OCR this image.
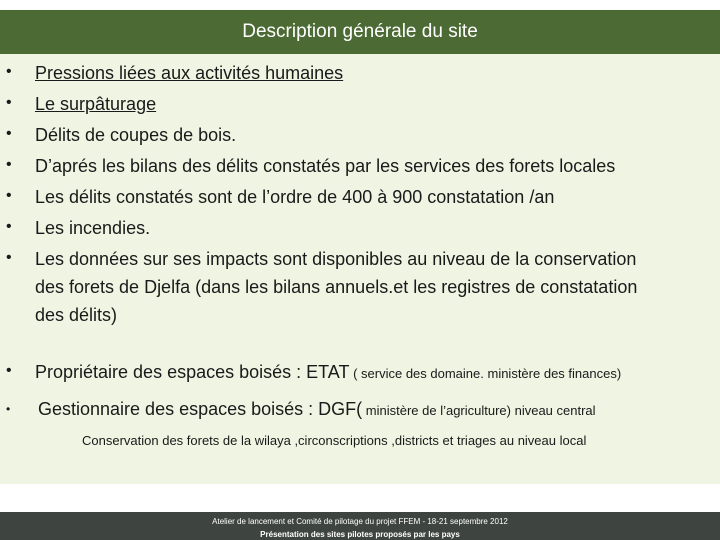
Description générale du site
• Pressions liées aux activités humaines
• Le surpâturage
• Délits de coupes de bois.
• D’aprés les bilans des délits constatés par les services des forets locales
• Les délits constatés sont de l’ordre de 400 à 900 constatation /an
• Les incendies.
• Les données sur ses impacts sont disponibles au niveau de la conservation
des forets de Djelfa (dans les bilans annuels.et les registres de constatation
des délits)
• Propriétaire des espaces boisés : ETAT ( service des domaine. ministère des finances)
• Gestionnaire des espaces boisés : DGF( ministère de l’agriculture) niveau central
Conservation des forets de la wilaya ,circonscriptions ,districts et triages au niveau local
Atelier de lancement et Comité de pilotage du projet FFEM - 18-21 septembre 2012
Présentation des sites pilotes proposés par les pays
